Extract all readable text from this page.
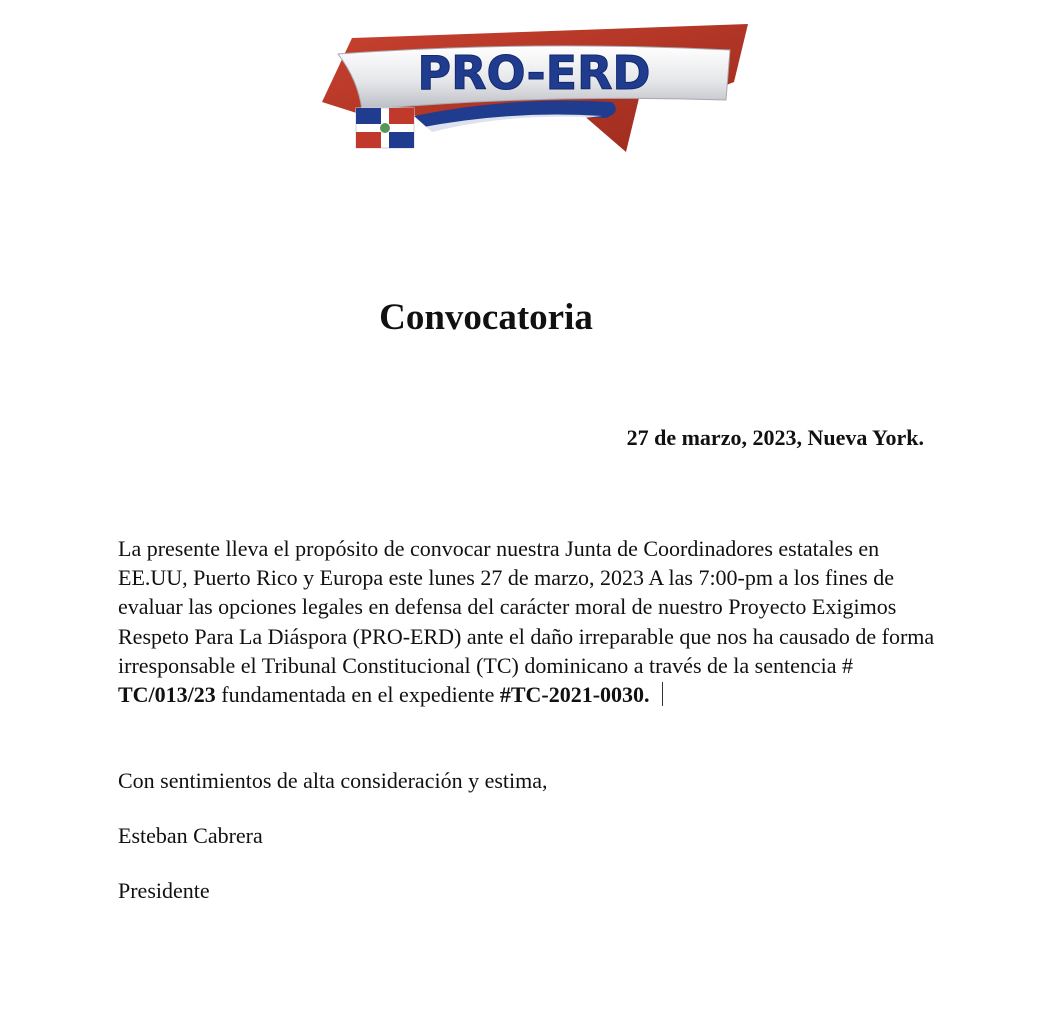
PRO-ERD
Convocatoria
27 de marzo, 2023, Nueva York.

La presente lleva el propósito de convocar nuestra Junta de Coordinadores estatales en EE.UU, Puerto Rico y Europa este lunes 27 de marzo, 2023 A las 7:00-pm a los fines de evaluar las opciones legales en defensa del carácter moral de nuestro Proyecto Exigimos Respeto Para La Diáspora (PRO-ERD) ante el daño irreparable que nos ha causado de forma irresponsable el Tribunal Constitucional (TC) dominicano a través de la sentencia #
TC/013/23 fundamentada en el expediente #TC-2021-0030.

Con sentimientos de alta consideración y estima,

Esteban Cabrera

Presidente
